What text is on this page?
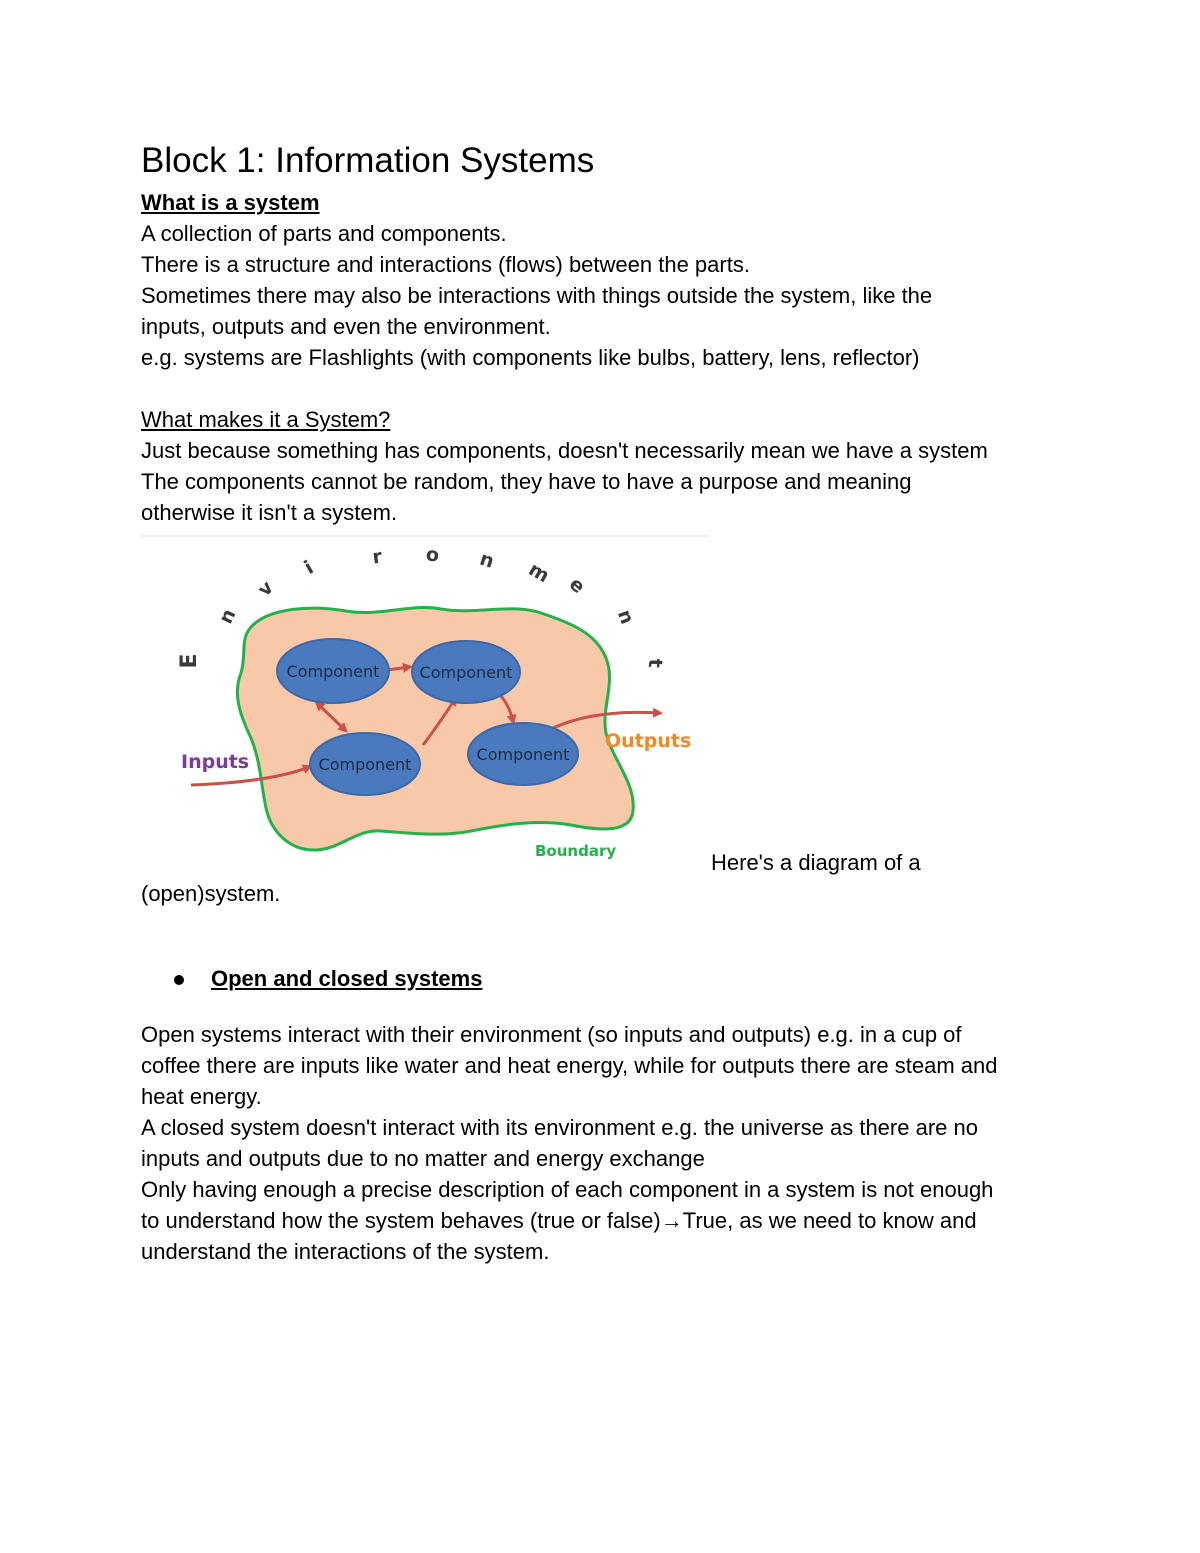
Block 1: Information Systems

What is a system

A collection of parts and components.

There is a structure and interactions (flows) between the parts.

Sometimes there may also be interactions with things outside the system, like the

inputs, outputs and even the environment.

e.g. systems are Flashlights (with components like bulbs, battery, lens, reflector)

What makes it a System?

Just because something has components, doesn't necessarily mean we have a system

The components cannot be random, they have to have a purpose and meaning

otherwise it isn't a system.

E
n
v
i	r o n m e
n
t
Component	Component
Component
Component
Inputs
Outputs
Boundary	Here's a diagram of a

(open)system.

Open and closed systems

Open systems interact with their environment (so inputs and outputs) e.g. in a cup of

coffee there are inputs like water and heat energy, while for outputs there are steam and

heat energy.

A closed system doesn't interact with its environment e.g. the universe as there are no

inputs and outputs due to no matter and energy exchange

Only having enough a precise description of each component in a system is not enough

to understand how the system behaves (true or false)→True, as we need to know and

understand the interactions of the system.
